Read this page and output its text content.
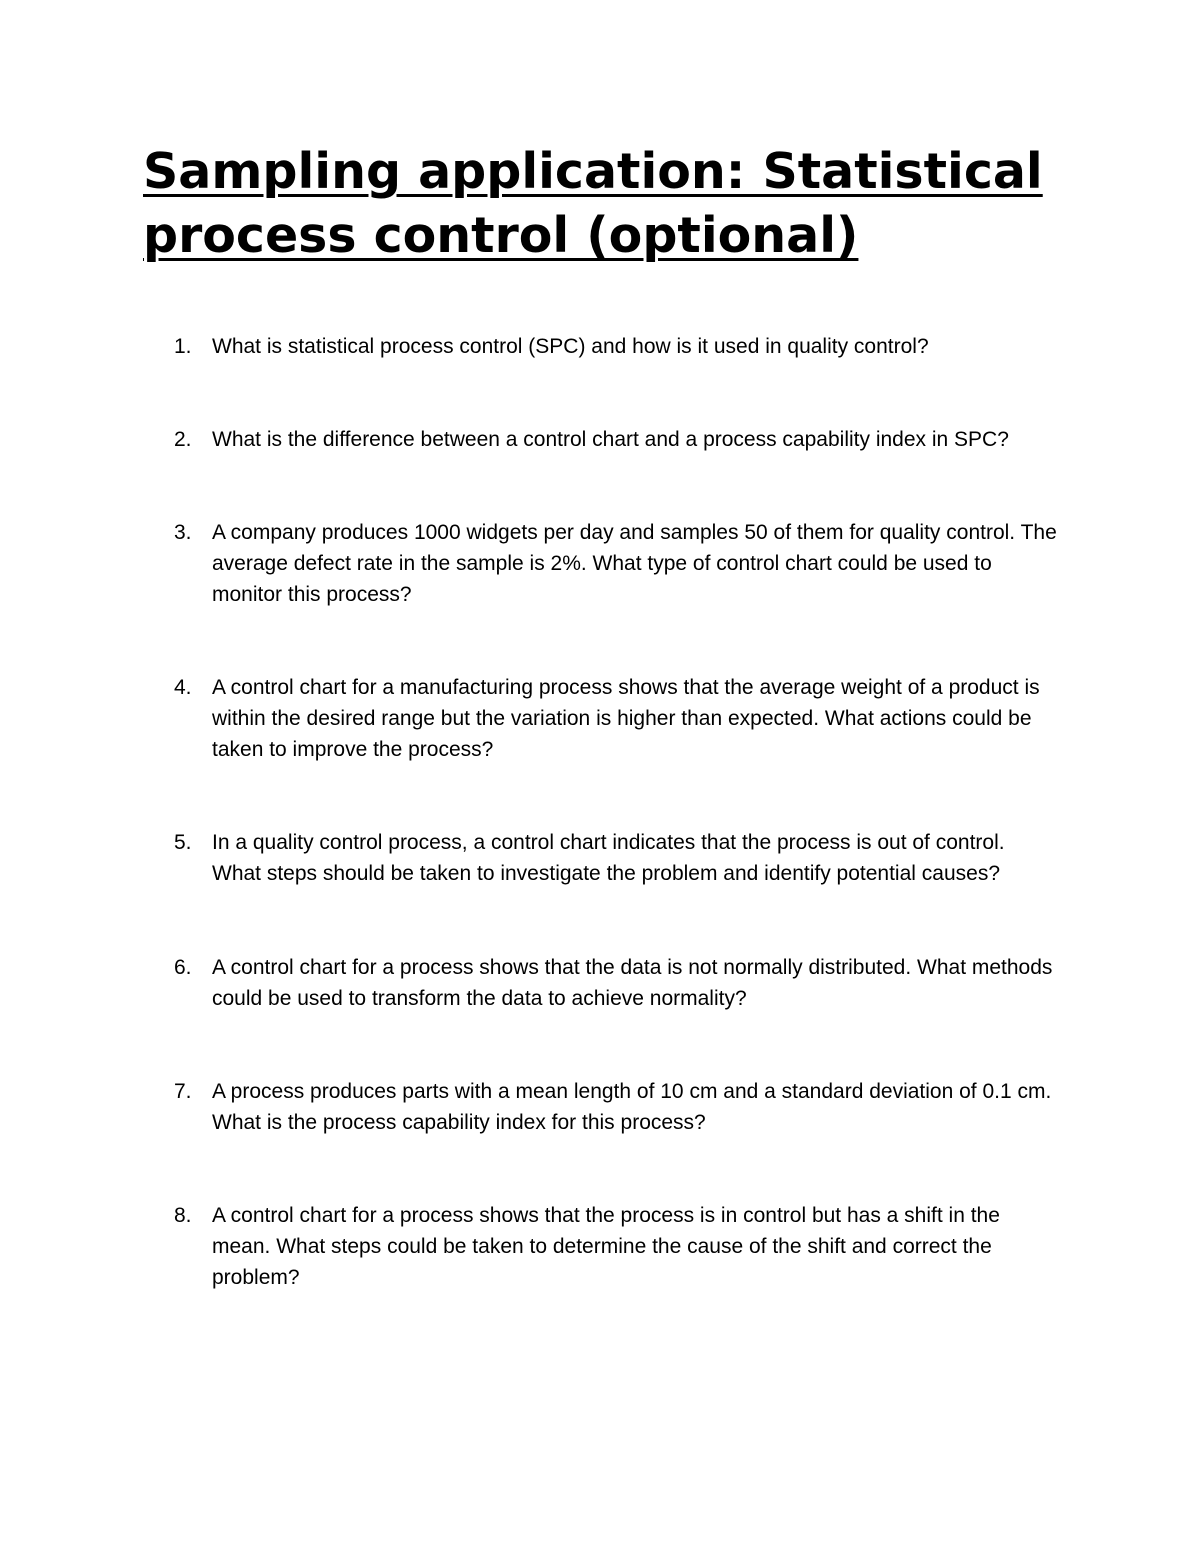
Sampling application: Statistical process control (optional)
1. What is statistical process control (SPC) and how is it used in quality control?
2. What is the difference between a control chart and a process capability index in SPC?
3. A company produces 1000 widgets per day and samples 50 of them for quality control. The average defect rate in the sample is 2%. What type of control chart could be used to monitor this process?
4. A control chart for a manufacturing process shows that the average weight of a product is within the desired range but the variation is higher than expected. What actions could be taken to improve the process?
5. In a quality control process, a control chart indicates that the process is out of control. What steps should be taken to investigate the problem and identify potential causes?
6. A control chart for a process shows that the data is not normally distributed. What methods could be used to transform the data to achieve normality?
7. A process produces parts with a mean length of 10 cm and a standard deviation of 0.1 cm. What is the process capability index for this process?
8. A control chart for a process shows that the process is in control but has a shift in the mean. What steps could be taken to determine the cause of the shift and correct the problem?
